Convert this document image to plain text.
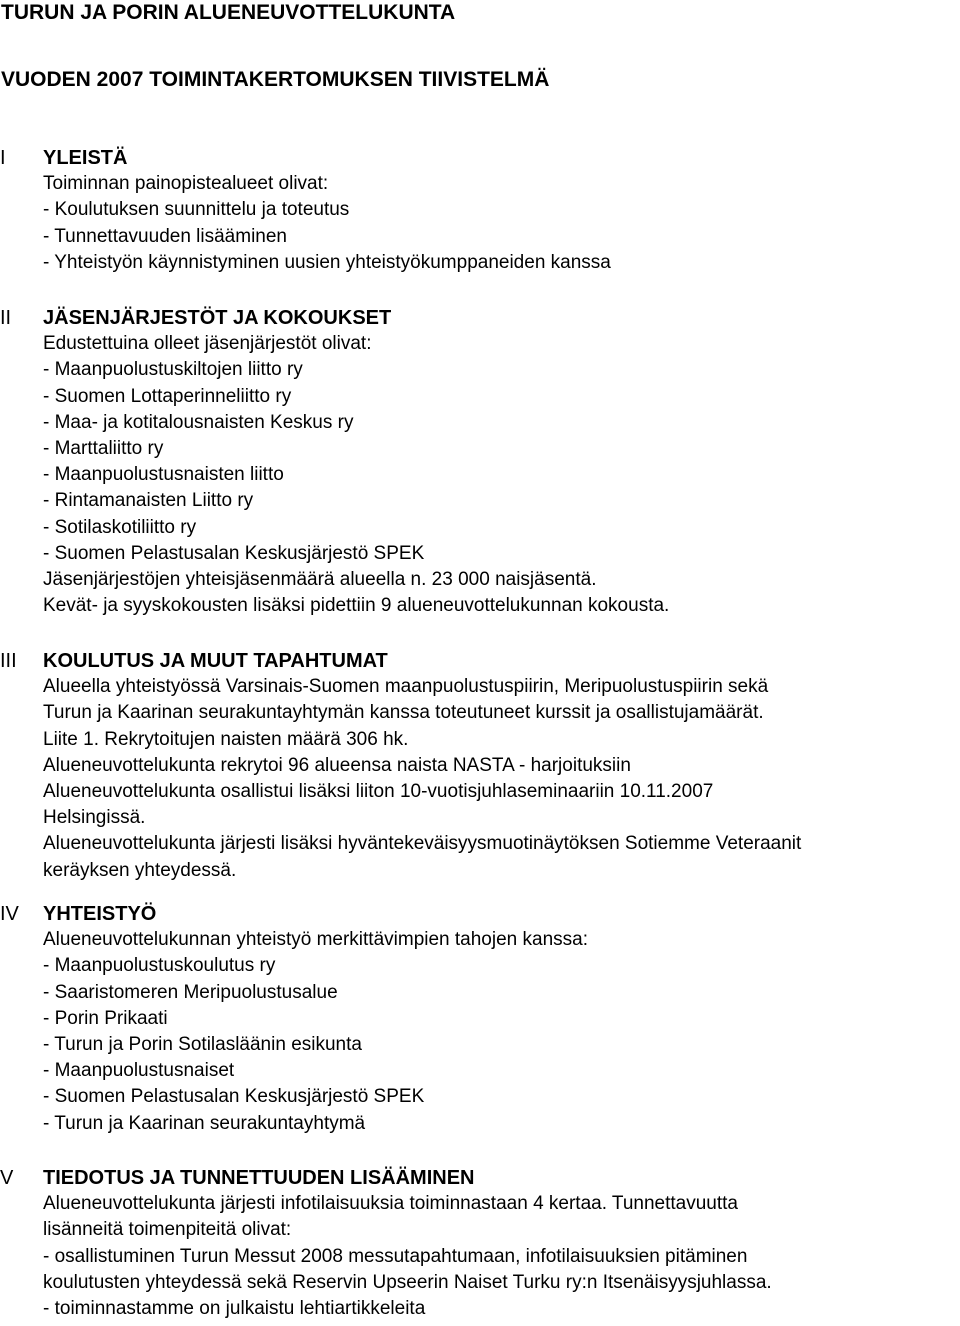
TURUN JA PORIN ALUENEUVOTTELUKUNTA
VUODEN 2007 TOIMINTAKERTOMUKSEN TIIVISTELMÄ
I YLEISTÄ
Toiminnan painopistealueet olivat:
- Koulutuksen suunnittelu ja toteutus
- Tunnettavuuden lisääminen
- Yhteistyön käynnistyminen uusien yhteistyökumppaneiden kanssa
II JÄSENJÄRJESTÖT JA KOKOUKSET
Edustettuina olleet jäsenjärjestöt olivat:
- Maanpuolustuskiltojen liitto ry
- Suomen Lottaperinneliitto ry
- Maa- ja kotitalousnaisten Keskus ry
- Marttaliitto ry
- Maanpuolustusnaisten liitto
- Rintamanaisten Liitto ry
- Sotilaskotiliitto ry
- Suomen Pelastusalan Keskusjärjestö SPEK
Jäsenjärjestöjen yhteisjäsenmäärä alueella n. 23 000 naisjäsentä.
Kevät- ja syyskokousten lisäksi pidettiin 9 alueneuvottelukunnan kokousta.
III KOULUTUS JA MUUT TAPAHTUMAT
Alueella yhteistyössä Varsinais-Suomen maanpuolustuspiirin, Meripuolustuspiirin sekä
Turun ja Kaarinan seurakuntayhtymän kanssa toteutuneet kurssit ja osallistujamäärät.
Liite 1. Rekrytoitujen naisten määrä 306 hk.
Alueneuvottelukunta rekrytoi 96 alueensa naista NASTA - harjoituksiin
Alueneuvottelukunta osallistui lisäksi liiton 10-vuotisjuhlaseminaariin 10.11.2007
Helsingissä.
Alueneuvottelukunta järjesti lisäksi hyväntekeväisyysmuotinäytöksen Sotiemme Veteraanit
keräyksen yhteydessä.
IV YHTEISTYÖ
Alueneuvottelukunnan yhteistyö merkittävimpien tahojen kanssa:
- Maanpuolustuskoulutus ry
- Saaristomeren Meripuolustusalue
- Porin Prikaati
- Turun ja Porin Sotilasläänin esikunta
- Maanpuolustusnaiset
- Suomen Pelastusalan Keskusjärjestö SPEK
- Turun ja Kaarinan seurakuntayhtymä
V TIEDOTUS JA TUNNETTUUDEN LISÄÄMINEN
Alueneuvottelukunta järjesti infotilaisuuksia toiminnastaan 4 kertaa. Tunnettavuutta
lisänneitä toimenpiteitä olivat:
- osallistuminen Turun Messut 2008 messutapahtumaan, infotilaisuuksien pitäminen
koulutusten yhteydessä sekä Reservin Upseerin Naiset Turku ry:n Itsenäisyysjuhlassa.
- toiminnastamme on julkaistu lehtiartikkeleita
